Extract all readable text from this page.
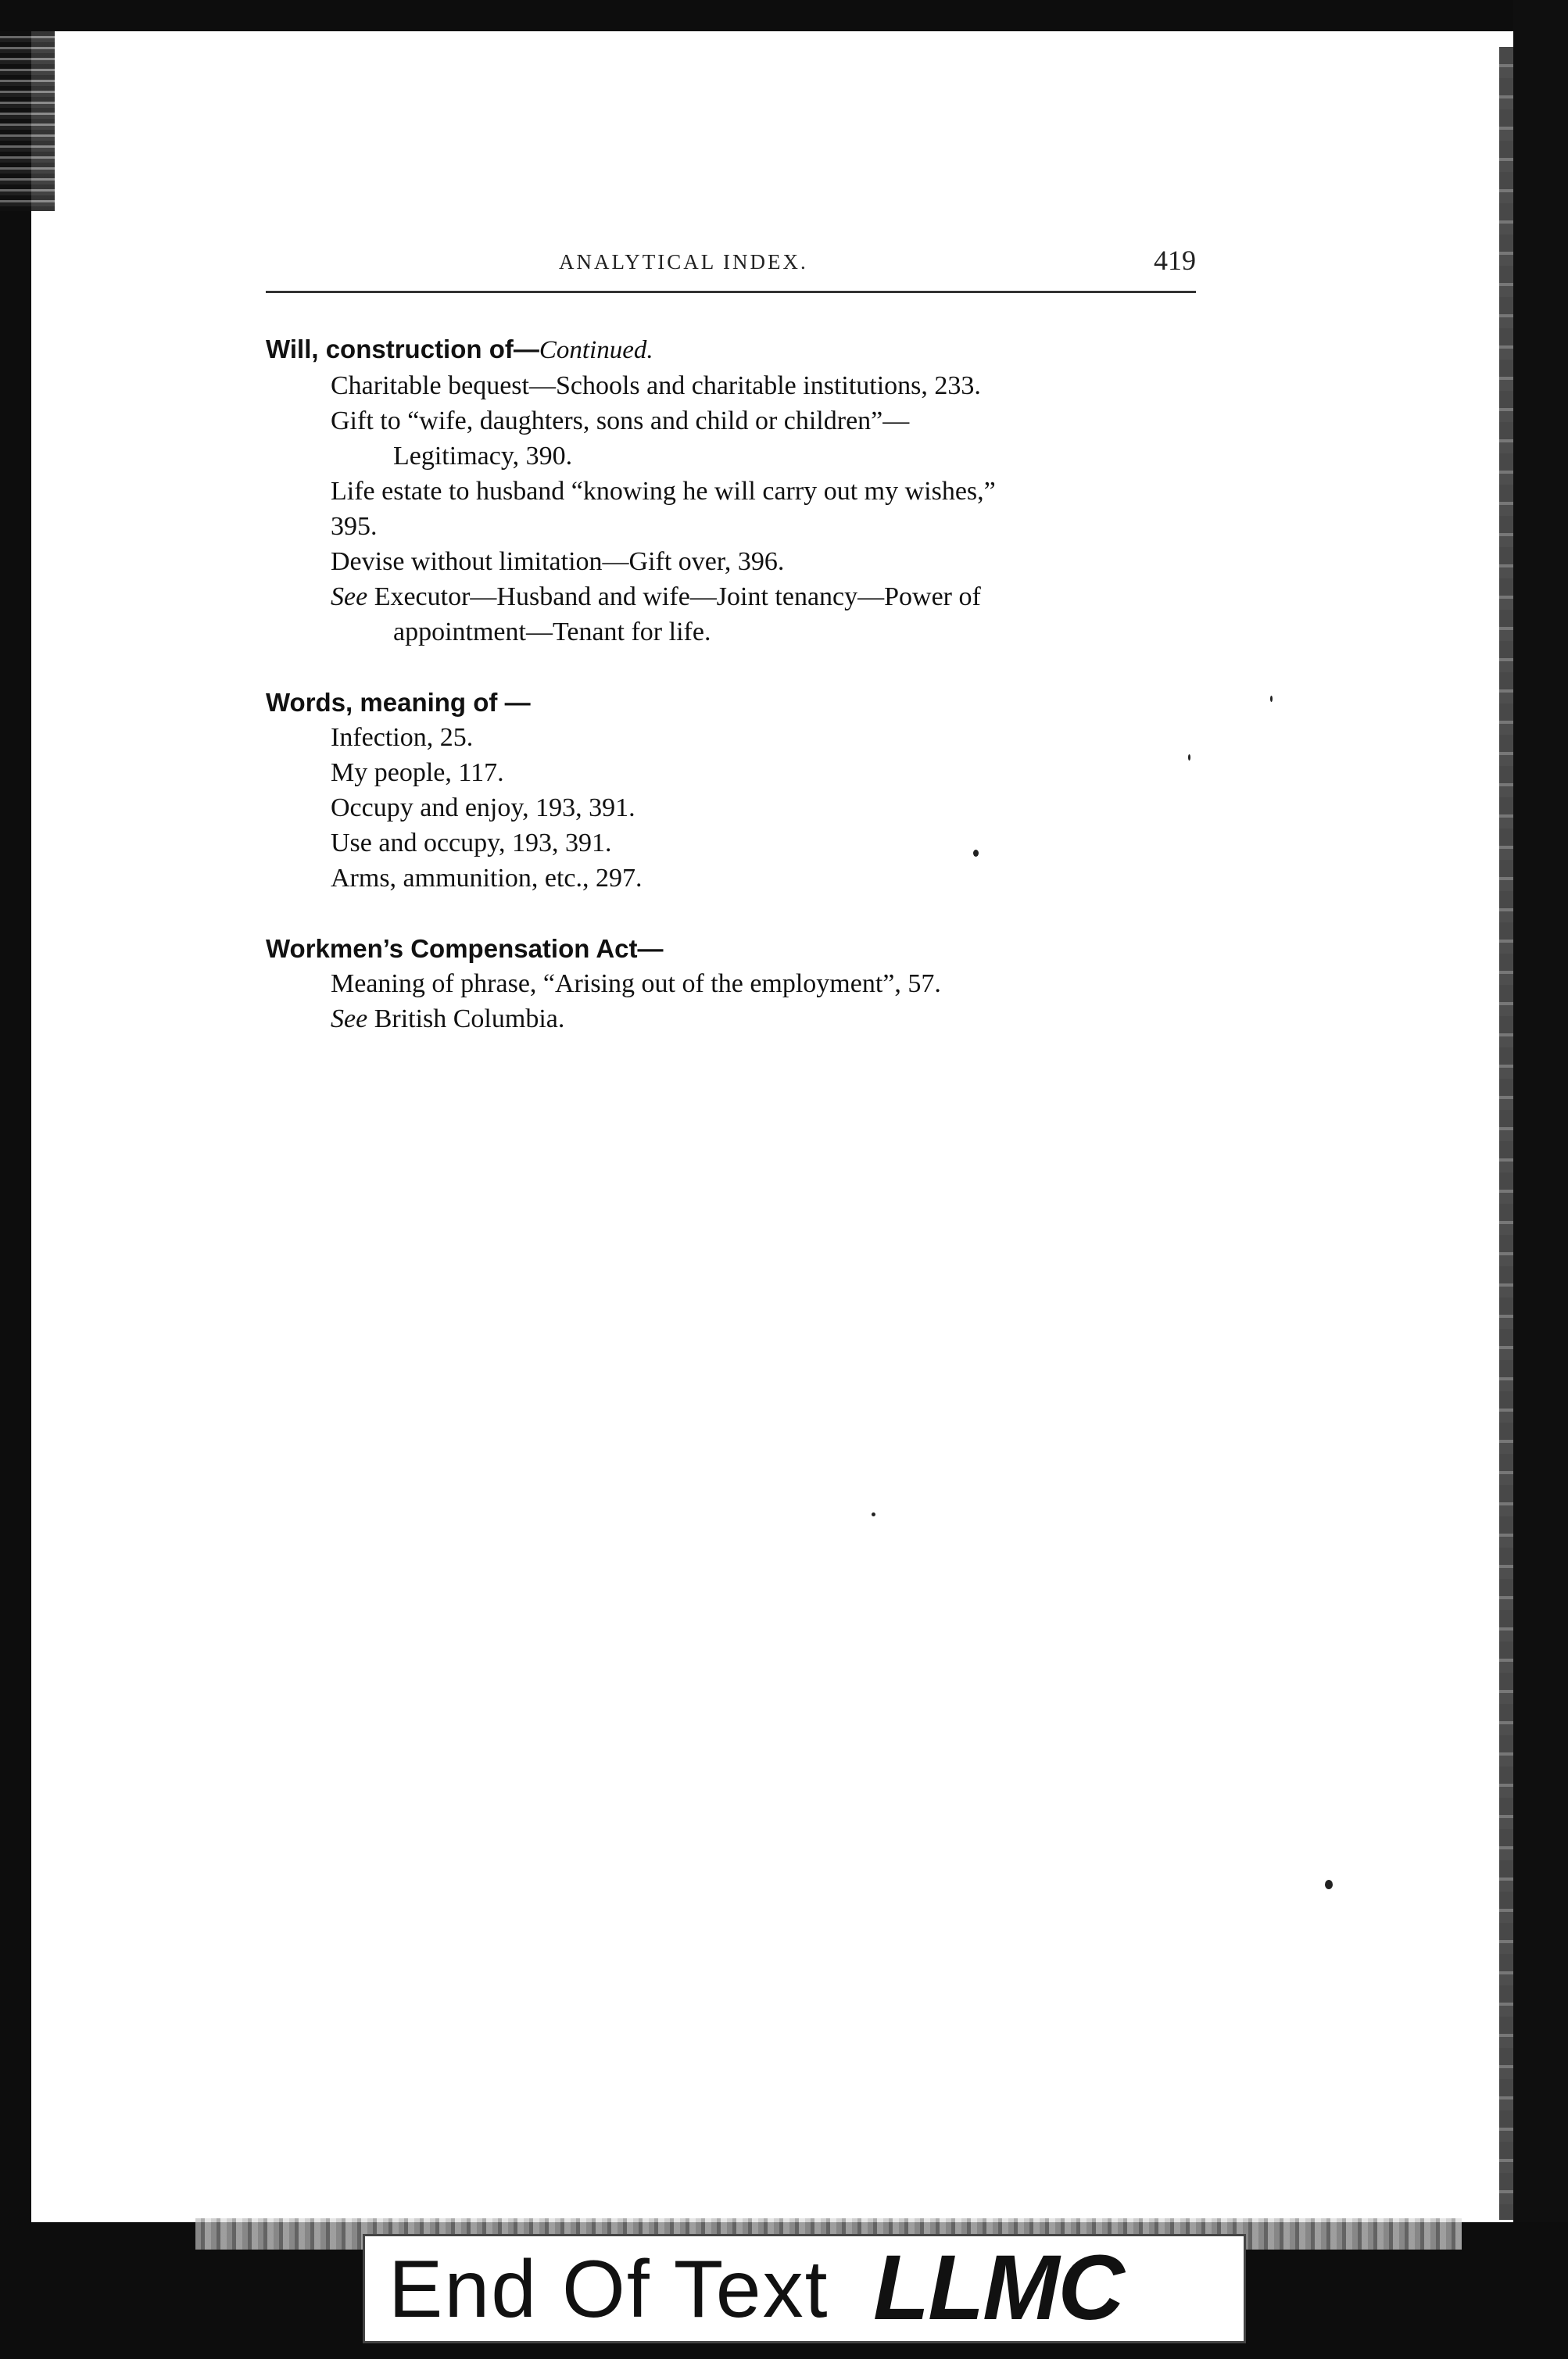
ANALYTICAL INDEX.	419
Will, construction of—Continued.
Charitable bequest—Schools and charitable institutions, 233.
Gift to “wife, daughters, sons and child or children”—
Legitimacy, 390.
Life estate to husband “knowing he will carry out my wishes,”
395.
Devise without limitation—Gift over, 396.
See Executor—Husband and wife—Joint tenancy—Power of
appointment—Tenant for life.
Words, meaning of —
Infection, 25.
My people, 117.
Occupy and enjoy, 193, 391.
Use and occupy, 193, 391.
Arms, ammunition, etc., 297.
Workmen’s Compensation Act—
Meaning of phrase, “Arising out of the employment”, 57.
See British Columbia.
End Of Text LLMC
